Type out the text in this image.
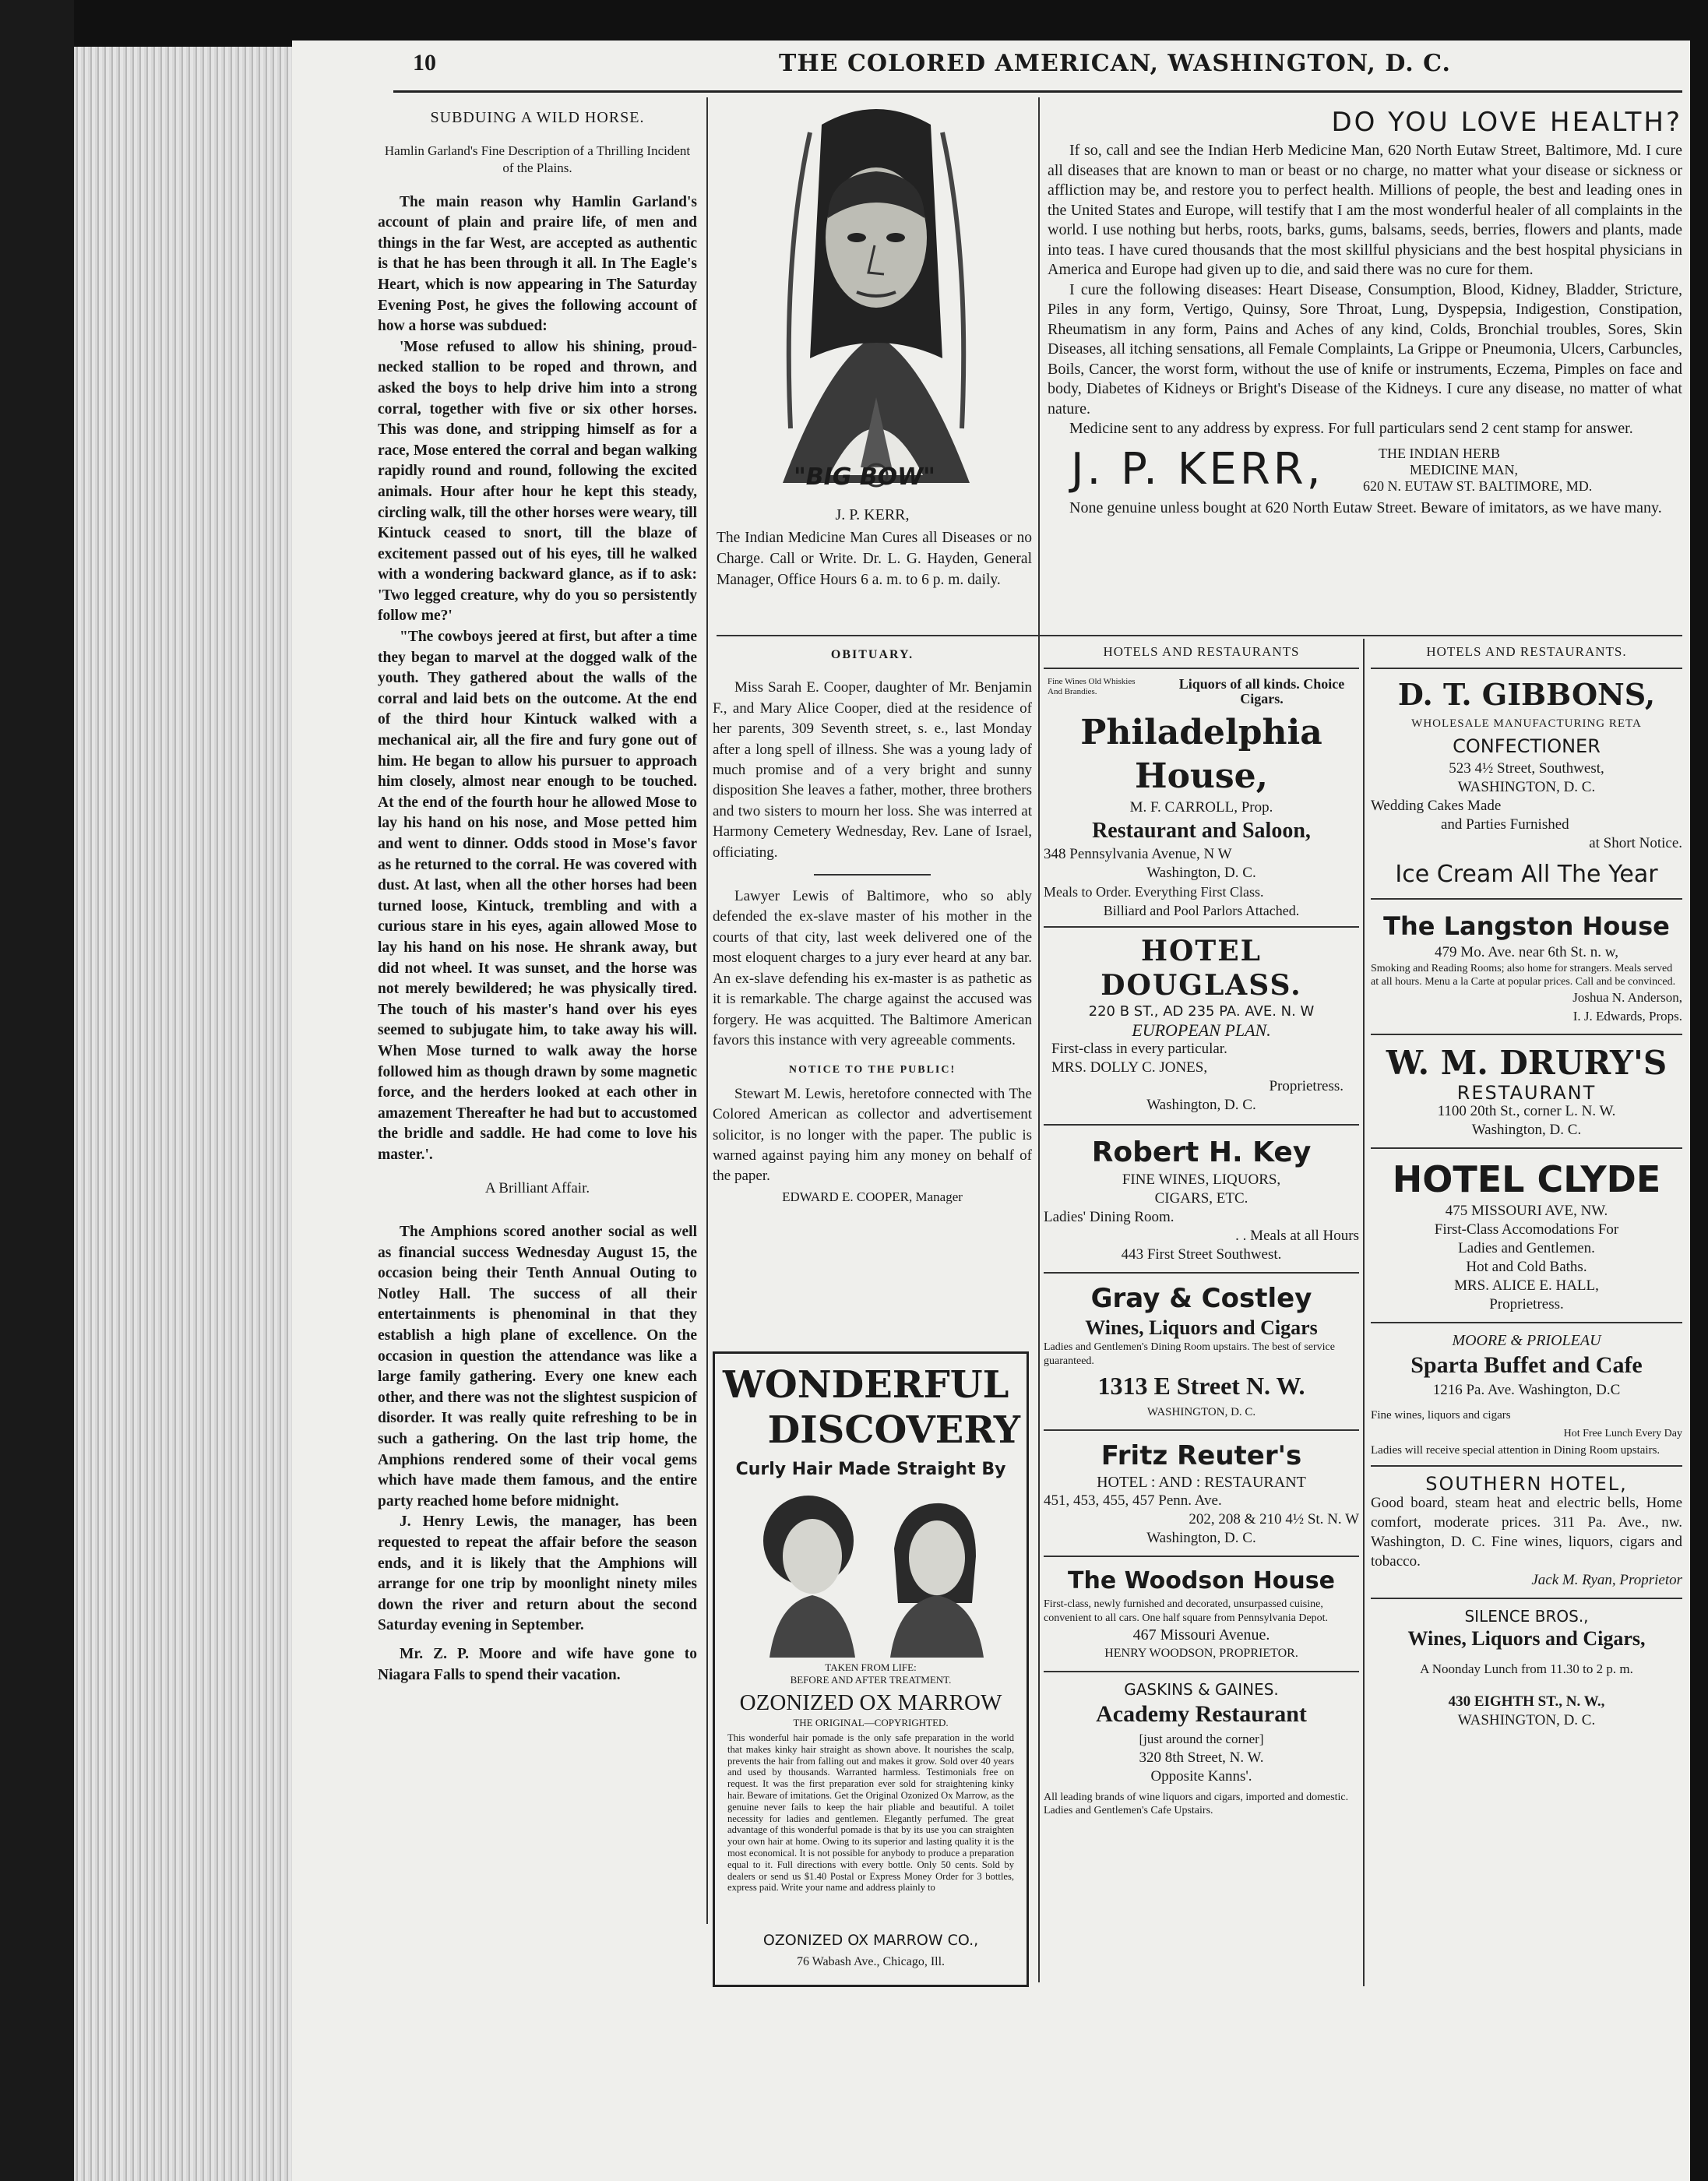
10	THE COLORED AMERICAN, WASHINGTON, D. C.
SUBDUING A WILD HORSE.
Hamlin Garland's Fine Description of a Thrilling Incident of the Plains.

The main reason why Hamlin Garland's account of plain and praire life, of men and things in the far West, are accepted as authentic is that he has been through it all. In The Eagle's Heart, which is now appearing in The Saturday Evening Post, he gives the following account of how a horse was subdued:

'Mose refused to allow his shining, proud-necked stallion to be roped and thrown, and asked the boys to help drive him into a strong corral, together with five or six other horses. This was done, and stripping himself as for a race, Mose entered the corral and began walking rapidly round and round, following the excited animals. Hour after hour he kept this steady, circling walk, till the other horses were weary, till Kintuck ceased to snort, till the blaze of excitement passed out of his eyes, till he walked with a wondering backward glance, as if to ask: 'Two legged creature, why do you so persistently follow me?'

"The cowboys jeered at first, but after a time they began to marvel at the dogged walk of the youth. They gathered about the walls of the corral and laid bets on the outcome. At the end of the third hour Kintuck walked with a mechanical air, all the fire and fury gone out of him. He began to allow his pursuer to approach him closely, almost near enough to be touched. At the end of the fourth hour he allowed Mose to lay his hand on his nose, and Mose petted him and went to dinner. Odds stood in Mose's favor as he returned to the corral. He was covered with dust. At last, when all the other horses had been turned loose, Kintuck, trembling and with a curious stare in his eyes, again allowed Mose to lay his hand on his nose. He shrank away, but did not wheel. It was sunset, and the horse was not merely bewildered; he was physically tired. The touch of his master's hand over his eyes seemed to subjugate him, to take away his will. When Mose turned to walk away the horse followed him as though drawn by some magnetic force, and the herders looked at each other in amazement Thereafter he had but to accustomed the bridle and saddle. He had come to love his master.'.

A Brilliant Affair.

The Amphions scored another social as well as financial success Wednesday August 15, the occasion being their Tenth Annual Outing to Notley Hall. The success of all their entertainments is phenominal in that they establish a high plane of excellence. On the occasion in question the attendance was like a large family gathering. Every one knew each other, and there was not the slightest suspicion of disorder. It was really quite refreshing to be in such a gathering. On the last trip home, the Amphions rendered some of their vocal gems which have made them famous, and the entire party reached home before midnight.

J. Henry Lewis, the manager, has been requested to repeat the affair before the season ends, and it is likely that the Amphions will arrange for one trip by moonlight ninety miles down the river and return about the second Saturday evening in September.

Mr. Z. P. Moore and wife have gone to Niagara Falls to spend their vacation.

"BIG BOW"
J. P. KERR,
The Indian Medicine Man Cures all Diseases or no Charge. Call or Write. Dr. L. G. Hayden, General Manager, Office Hours 6 a. m. to 6 p. m. daily.
DO YOU LOVE HEALTH?

If so, call and see the Indian Herb Medicine Man, 620 North Eutaw Street, Baltimore, Md. I cure all diseases that are known to man or beast or no charge, no matter what your disease or sickness or affliction may be, and restore you to perfect health. Millions of people, the best and leading ones in the United States and Europe, will testify that I am the most wonderful healer of all complaints in the world. I use nothing but herbs, roots, barks, gums, balsams, seeds, berries, flowers and plants, made into teas. I have cured thousands that the most skillful physicians and the best hospital physicians in America and Europe had given up to die, and said there was no cure for them.

I cure the following diseases: Heart Disease, Consumption, Blood, Kidney, Bladder, Stricture, Piles in any form, Vertigo, Quinsy, Sore Throat, Lung, Dyspepsia, Indigestion, Constipation, Rheumatism in any form, Pains and Aches of any kind, Colds, Bronchial troubles, Sores, Skin Diseases, all itching sensations, all Female Complaints, La Grippe or Pneumonia, Ulcers, Carbuncles, Boils, Cancer, the worst form, without the use of knife or instruments, Eczema, Pimples on face and body, Diabetes of Kidneys or Bright's Disease of the Kidneys. I cure any disease, no matter of what nature.

Medicine sent to any address by express. For full particulars send 2 cent stamp for answer.

J. P. KERR,	THE INDIAN HERB
MEDICINE MAN,
620 N. EUTAW ST. BALTIMORE, MD.
None genuine unless bought at 620 North Eutaw Street. Beware of imitators, as we have many.
OBITUARY.

Miss Sarah E. Cooper, daughter of Mr. Benjamin F., and Mary Alice Cooper, died at the residence of her parents, 309 Seventh street, s. e., last Monday after a long spell of illness. She was a young lady of much promise and of a very bright and sunny disposition She leaves a father, mother, three brothers and two sisters to mourn her loss. She was interred at Harmony Cemetery Wednesday, Rev. Lane of Israel, officiating.

Lawyer Lewis of Baltimore, who so ably defended the ex-slave master of his mother in the courts of that city, last week delivered one of the most eloquent charges to a jury ever heard at any bar. An ex-slave defending his ex-master is as pathetic as it is remarkable. The charge against the accused was forgery. He was acquitted. The Baltimore American favors this instance with very agreeable comments.

NOTICE TO THE PUBLIC!

Stewart M. Lewis, heretofore connected with The Colored American as collector and advertisement solicitor, is no longer with the paper. The public is warned against paying him any money on behalf of the paper.

EDWARD E. COOPER, Manager
WONDERFUL
DISCOVERY
Curly Hair Made Straight By
TAKEN FROM LIFE:
BEFORE AND AFTER TREATMENT.
OZONIZED OX MARROW
THE ORIGINAL—COPYRIGHTED.
This wonderful hair pomade is the only safe preparation in the world that makes kinky hair straight as shown above. It nourishes the scalp, prevents the hair from falling out and makes it grow. Sold over 40 years and used by thousands. Warranted harmless. Testimonials free on request. It was the first preparation ever sold for straightening kinky hair. Beware of imitations. Get the Original Ozonized Ox Marrow, as the genuine never fails to keep the hair pliable and beautiful. A toilet necessity for ladies and gentlemen. Elegantly perfumed. The great advantage of this wonderful pomade is that by its use you can straighten your own hair at home. Owing to its superior and lasting quality it is the most economical. It is not possible for anybody to produce a preparation equal to it. Full directions with every bottle. Only 50 cents. Sold by dealers or send us $1.40 Postal or Express Money Order for 3 bottles, express paid. Write your name and address plainly to
OZONIZED OX MARROW CO.,
76 Wabash Ave., Chicago, Ill.
HOTELS AND RESTAURANTS
Fine Wines Old Whiskies And Brandies.	Liquors of all kinds. Choice Cigars.
Philadelphia House,
M. F. CARROLL, Prop.
Restaurant and Saloon,
348 Pennsylvania Avenue, N W
Washington, D. C.
Meals to Order. Everything First Class.
Billiard and Pool Parlors Attached.
HOTEL DOUGLASS.
220 B ST., AD 235 PA. AVE. N. W
EUROPEAN PLAN.
First-class in every particular.
MRS. DOLLY C. JONES,
Proprietress.
Washington, D. C.
Robert H. Key
FINE WINES, LIQUORS,
CIGARS, ETC.
Ladies' Dining Room.
. . Meals at all Hours
443 First Street Southwest.
Gray & Costley
Wines, Liquors and Cigars
Ladies and Gentlemen's Dining Room upstairs. The best of service guaranteed.
1313 E Street N. W.
WASHINGTON, D. C.
Fritz Reuter's
HOTEL : AND : RESTAURANT
451, 453, 455, 457 Penn. Ave.
202, 208 & 210 4½ St. N. W
Washington, D. C.
The Woodson House
First-class, newly furnished and decorated, unsurpassed cuisine, convenient to all cars. One half square from Pennsylvania Depot.
467 Missouri Avenue.
HENRY WOODSON, PROPRIETOR.
GASKINS & GAINES.
Academy Restaurant
[just around the corner]
320 8th Street, N. W.
Opposite Kanns'.
All leading brands of wine liquors and cigars, imported and domestic. Ladies and Gentlemen's Cafe Upstairs.
HOTELS AND RESTAURANTS.
D. T. GIBBONS,
WHOLESALE MANUFACTURING RETA
CONFECTIONER
523 4½ Street, Southwest,
WASHINGTON, D. C.
Wedding Cakes Made
and Parties Furnished
at Short Notice.
Ice Cream All The Year
The Langston House
479 Mo. Ave. near 6th St. n. w,
Smoking and Reading Rooms; also home for strangers. Meals served at all hours. Menu a la Carte at popular prices. Call and be convinced.
Joshua N. Anderson,
I. J. Edwards, Props.
W. M. DRURY'S
RESTAURANT
1100 20th St., corner L. N. W.
Washington, D. C.
HOTEL CLYDE
475 MISSOURI AVE, NW.
First-Class Accomodations For
Ladies and Gentlemen.
Hot and Cold Baths.
MRS. ALICE E. HALL,
Proprietress.
MOORE & PRIOLEAU
Sparta Buffet and Cafe
1216 Pa. Ave. Washington, D.C
Fine wines, liquors and cigars
Hot Free Lunch Every Day
Ladies will receive special attention in Dining Room upstairs.
SOUTHERN HOTEL,
Good board, steam heat and electric bells, Home comfort, moderate prices. 311 Pa. Ave., nw. Washington, D. C. Fine wines, liquors, cigars and tobacco.
Jack M. Ryan, Proprietor
SILENCE BROS.,
Wines, Liquors and Cigars,
A Noonday Lunch from 11.30 to 2 p. m.
430 EIGHTH ST., N. W.,
WASHINGTON, D. C.
